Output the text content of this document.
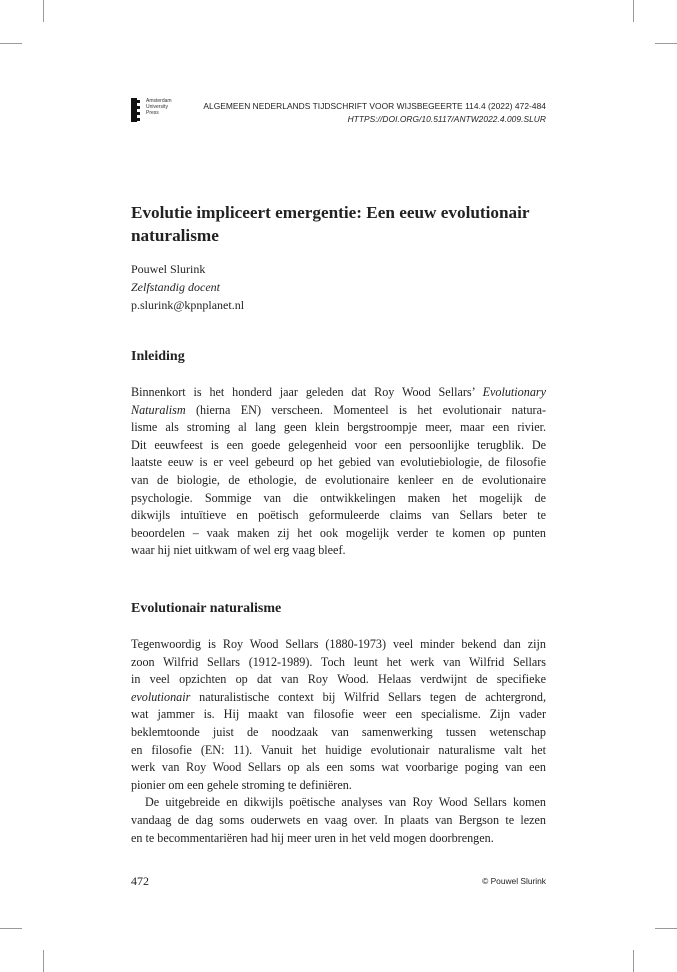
Amsterdam
University
Press
ALGEMEEN NEDERLANDS TIJDSCHRIFT VOOR WIJSBEGEERTE 114.4 (2022) 472-484
HTTPS://DOI.ORG/10.5117/ANTW2022.4.009.SLUR
Evolutie impliceert emergentie: Een eeuw evolutionair naturalisme
Pouwel Slurink
Zelfstandig docent
p.slurink@kpnplanet.nl
Inleiding
Binnenkort is het honderd jaar geleden dat Roy Wood Sellars’ Evolutionary
Naturalism (hierna EN) verscheen. Momenteel is het evolutionair natura-
lisme als stroming al lang geen klein bergstroompje meer, maar een rivier.
Dit eeuwfeest is een goede gelegenheid voor een persoonlijke terugblik. De
laatste eeuw is er veel gebeurd op het gebied van evolutiebiologie, de filosofie
van de biologie, de ethologie, de evolutionaire kenleer en de evolutionaire
psychologie. Sommige van die ontwikkelingen maken het mogelijk de
dikwijls intuïtieve en poëtisch geformuleerde claims van Sellars beter te
beoordelen – vaak maken zij het ook mogelijk verder te komen op punten
waar hij niet uitkwam of wel erg vaag bleef.
Evolutionair naturalisme
Tegenwoordig is Roy Wood Sellars (1880-1973) veel minder bekend dan zijn
zoon Wilfrid Sellars (1912-1989). Toch leunt het werk van Wilfrid Sellars
in veel opzichten op dat van Roy Wood. Helaas verdwijnt de specifieke
evolutionair naturalistische context bij Wilfrid Sellars tegen de achtergrond,
wat jammer is. Hij maakt van filosofie weer een specialisme. Zijn vader
beklemtoonde juist de noodzaak van samenwerking tussen wetenschap
en filosofie (EN: 11). Vanuit het huidige evolutionair naturalisme valt het
werk van Roy Wood Sellars op als een soms wat voorbarige poging van een
pionier om een gehele stroming te definiëren.
De uitgebreide en dikwijls poëtische analyses van Roy Wood Sellars komen
vandaag de dag soms ouderwets en vaag over. In plaats van Bergson te lezen
en te becommentariëren had hij meer uren in het veld mogen doorbrengen.
472	© Pouwel Slurink
